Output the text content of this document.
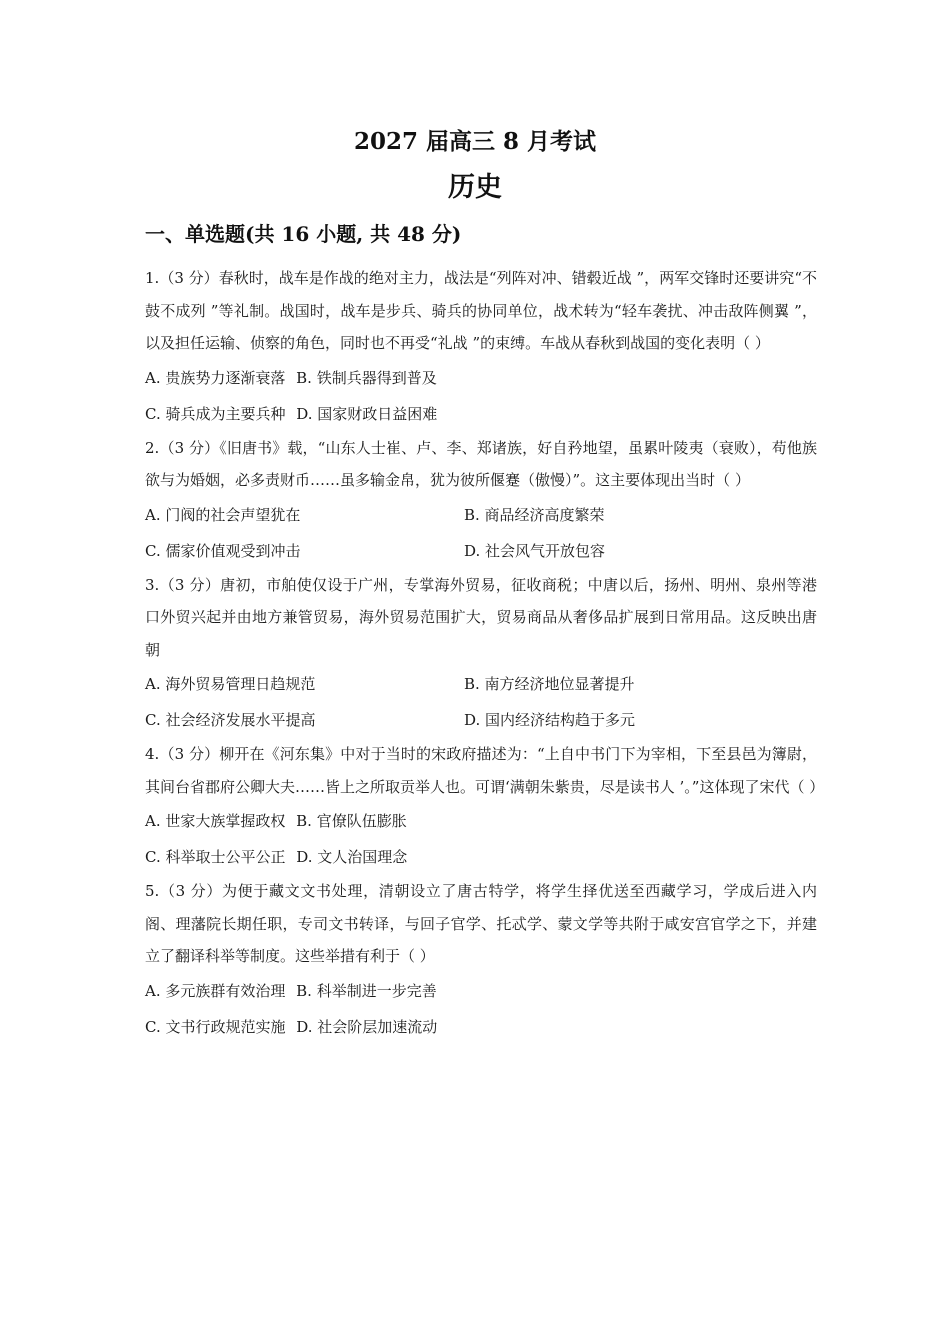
2027 届高三 8 月考试
历史
一、单选题(共 16 小题, 共 48 分)

1.（3 分）春秋时，战车是作战的绝对主力，战法是“列阵对冲、错毂近战 ”，两军交锋时还要讲究“不鼓不成列 ”等礼制。战国时，战车是步兵、骑兵的协同单位，战术转为“轻车袭扰、冲击敌阵侧翼 ”，以及担任运输、侦察的角色，同时也不再受“礼战 ”的束缚。车战从春秋到战国的变化表明（ ）

A. 贵族势力逐渐衰落 B. 铁制兵器得到普及
C. 骑兵成为主要兵种 D. 国家财政日益困难

2.（3 分）《旧唐书》载，“山东人士崔、卢、李、郑诸族，好自矜地望，虽累叶陵夷（衰败），苟他族欲与为婚姻，必多责财币……虽多输金帛，犹为彼所偃蹇（傲慢）”。这主要体现出当时（ ）

A. 门阀的社会声望犹在	B. 商品经济高度繁荣
C. 儒家价值观受到冲击	D. 社会风气开放包容

3.（3 分）唐初，市舶使仅设于广州，专掌海外贸易，征收商税；中唐以后，扬州、明州、泉州等港口外贸兴起并由地方兼管贸易，海外贸易范围扩大，贸易商品从奢侈品扩展到日常用品。这反映出唐朝

A. 海外贸易管理日趋规范	B. 南方经济地位显著提升
C. 社会经济发展水平提高	D. 国内经济结构趋于多元

4.（3 分）柳开在《河东集》中对于当时的宋政府描述为：“上自中书门下为宰相，下至县邑为簿尉，其间台省郡府公卿大夫……皆上之所取贡举人也。可谓‘满朝朱紫贵，尽是读书人 ’。”这体现了宋代（ ）

A. 世家大族掌握政权 B. 官僚队伍膨胀
C. 科举取士公平公正 D. 文人治国理念

5.（3 分）为便于藏文文书处理，清朝设立了唐古特学，将学生择优送至西藏学习，学成后进入内阁、理藩院长期任职，专司文书转译，与回子官学、托忒学、蒙文学等共附于咸安宫官学之下，并建立了翻译科举等制度。这些举措有利于（ ）

A. 多元族群有效治理 B. 科举制进一步完善
C. 文书行政规范实施 D. 社会阶层加速流动
